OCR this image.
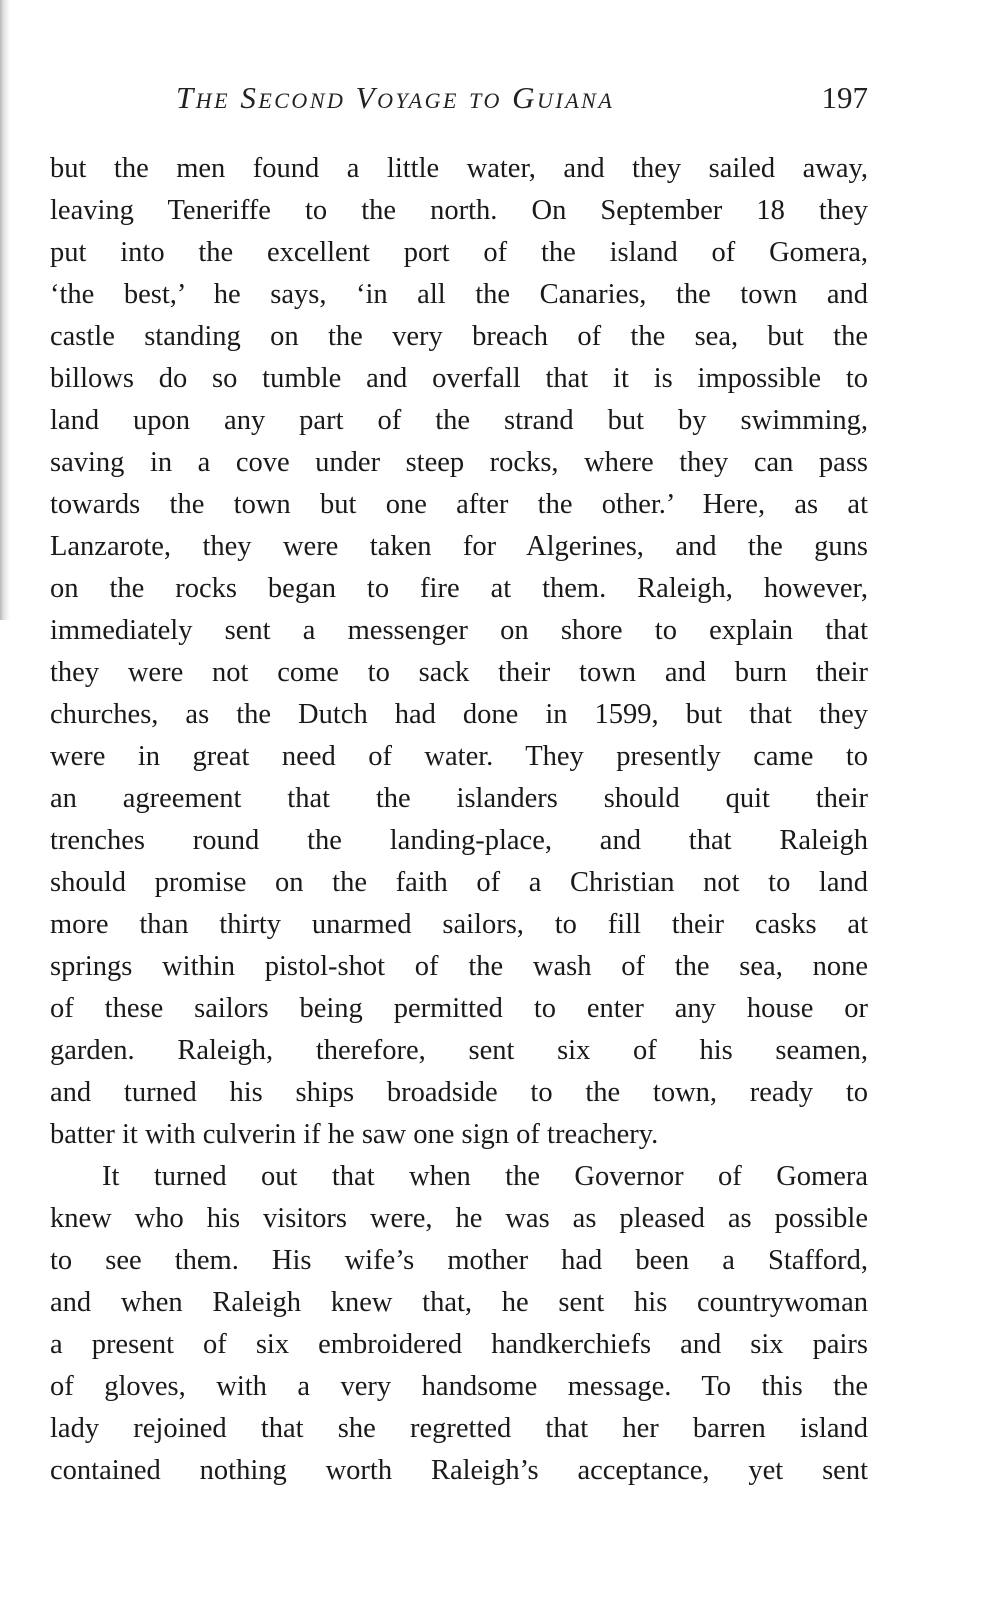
The Second Voyage to Guiana	197
but the men found a little water, and they sailed away,
leaving Teneriffe to the north. On September 18 they
put into the excellent port of the island of Gomera,
‘the best,’ he says, ‘in all the Canaries, the town and
castle standing on the very breach of the sea, but the
billows do so tumble and overfall that it is impossible to
land upon any part of the strand but by swimming,
saving in a cove under steep rocks, where they can pass
towards the town but one after the other.’ Here, as at
Lanzarote, they were taken for Algerines, and the guns
on the rocks began to fire at them. Raleigh, however,
immediately sent a messenger on shore to explain that
they were not come to sack their town and burn their
churches, as the Dutch had done in 1599, but that they
were in great need of water. They presently came to
an agreement that the islanders should quit their
trenches round the landing-place, and that Raleigh
should promise on the faith of a Christian not to land
more than thirty unarmed sailors, to fill their casks at
springs within pistol-shot of the wash of the sea, none
of these sailors being permitted to enter any house or
garden. Raleigh, therefore, sent six of his seamen,
and turned his ships broadside to the town, ready to
batter it with culverin if he saw one sign of treachery.
It turned out that when the Governor of Gomera
knew who his visitors were, he was as pleased as possible
to see them. His wife’s mother had been a Stafford,
and when Raleigh knew that, he sent his countrywoman
a present of six embroidered handkerchiefs and six pairs
of gloves, with a very handsome message. To this the
lady rejoined that she regretted that her barren island
contained nothing worth Raleigh’s acceptance, yet sent
